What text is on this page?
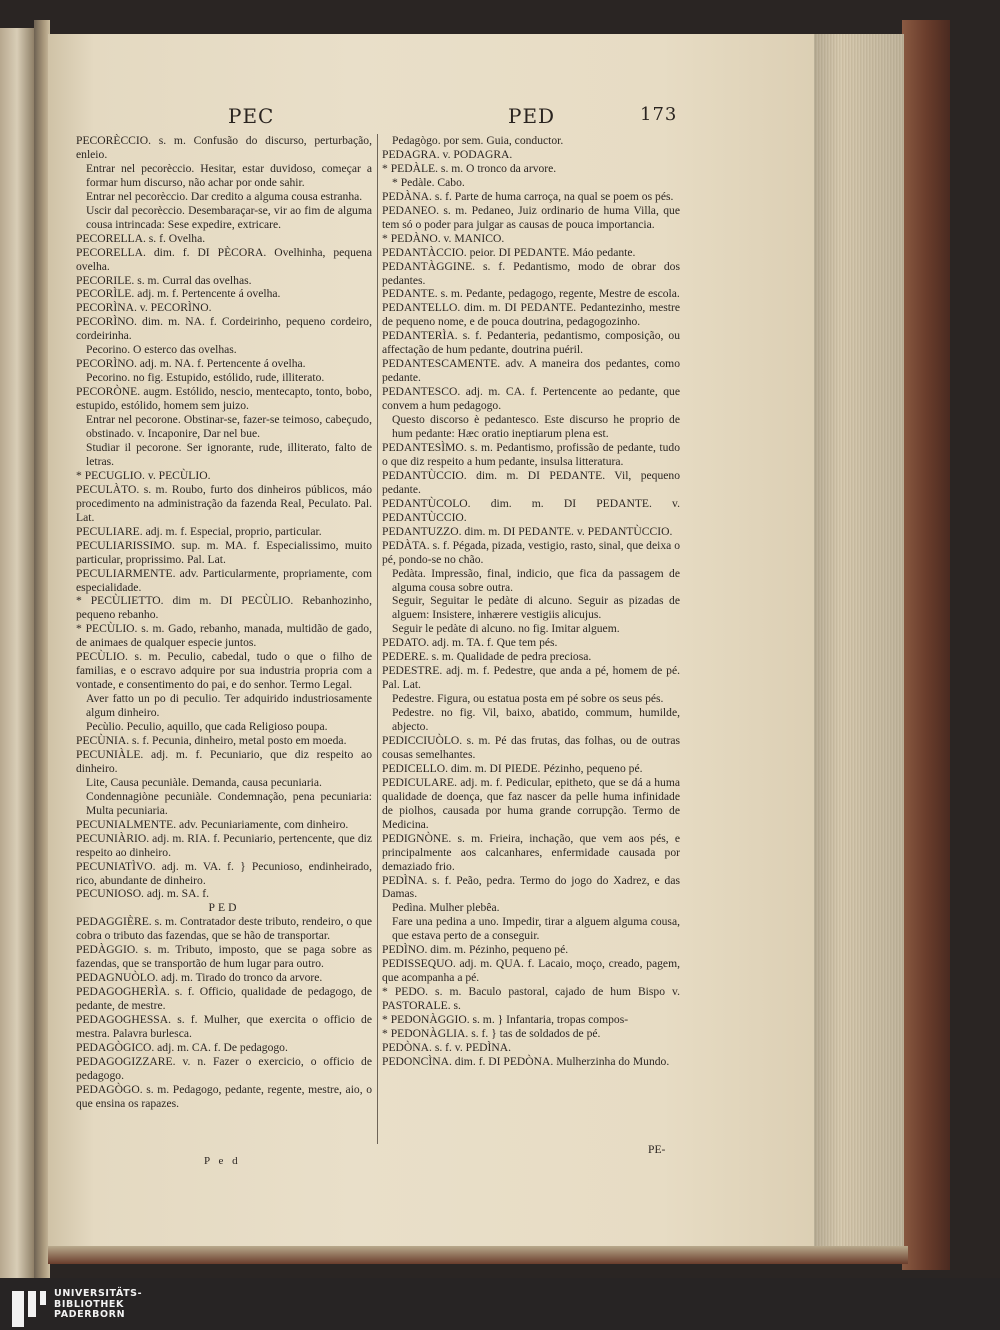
PEC	PED	173

PECORÈCCIO. s. m. Confusão do discurso, perturbação, enleio.

Entrar nel pecorèccio. Hesitar, estar duvidoso, começar a formar hum discurso, não achar por onde sahir.

Entrar nel pecorèccio. Dar credito a alguma cousa estranha.

Uscir dal pecorèccio. Desembaraçar-se, vir ao fim de alguma cousa intrincada: Sese expedire, extricare.

PECORELLA. s. f. Ovelha.

PECORELLA. dim. f. DI PÈCORA. Ovelhinha, pequena ovelha.

PECORILE. s. m. Curral das ovelhas.

PECORÌLE. adj. m. f. Pertencente á ovelha.

PECORÌNA. v. PECORÌNO.

PECORÌNO. dim. m. NA. f. Cordeirinho, pequeno cordeiro, cordeirinha.

Pecorino. O esterco das ovelhas.

PECORÌNO. adj. m. NA. f. Pertencente á ovelha.

Pecorino. no fig. Estupido, estólido, rude, illiterato.

PECORÒNE. augm. Estólido, nescio, mentecapto, tonto, bobo, estupido, estólido, homem sem juizo.

Entrar nel pecorone. Obstinar-se, fazer-se teimoso, cabeçudo, obstinado. v. Incaponire, Dar nel bue.

Studiar il pecorone. Ser ignorante, rude, illiterato, falto de letras.

* PECUGLIO. v. PECÙLIO.

PECULÀTO. s. m. Roubo, furto dos dinheiros públicos, máo procedimento na administração da fazenda Real, Peculato. Pal. Lat.

PECULIARE. adj. m. f. Especial, proprio, particular.

PECULIARISSIMO. sup. m. MA. f. Especialissimo, muito particular, proprissimo. Pal. Lat.

PECULIARMENTE. adv. Particularmente, propriamente, com especialidade.

* PECÙLIETTO. dim m. DI PECÙLIO. Rebanhozinho, pequeno rebanho.

* PECÙLIO. s. m. Gado, rebanho, manada, multidão de gado, de animaes de qualquer especie juntos.

PECÙLIO. s. m. Peculio, cabedal, tudo o que o filho de familias, e o escravo adquire por sua industria propria com a vontade, e consentimento do pai, e do senhor. Termo Legal.

Aver fatto un po di peculio. Ter adquirido industriosamente algum dinheiro.

Pecùlio. Peculio, aquillo, que cada Religioso poupa.

PECÙNIA. s. f. Pecunia, dinheiro, metal posto em moeda.

PECUNIÀLE. adj. m. f. Pecuniario, que diz respeito ao dinheiro.

Lite, Causa pecuniàle. Demanda, causa pecuniaria.

Condennagiòne pecuniàle. Condemnação, pena pecuniaria: Multa pecuniaria.

PECUNIALMENTE. adv. Pecuniariamente, com dinheiro.

PECUNIÀRIO. adj. m. RIA. f. Pecuniario, pertencente, que diz respeito ao dinheiro.

PECUNIATÌVO. adj. m. VA. f. } Pecunioso, endinheirado, rico, abundante de dinheiro.

PECUNIOSO. adj. m. SA. f.

PED

PEDAGGIÈRE. s. m. Contratador deste tributo, rendeiro, o que cobra o tributo das fazendas, que se hão de transportar.

PEDÀGGIO. s. m. Tributo, imposto, que se paga sobre as fazendas, que se transportão de hum lugar para outro.

PEDAGNUÒLO. adj. m. Tirado do tronco da arvore.

PEDAGOGHERÌA. s. f. Officio, qualidade de pedagogo, de pedante, de mestre.

PEDAGOGHESSA. s. f. Mulher, que exercita o officio de mestra. Palavra burlesca.

PEDAGÒGICO. adj. m. CA. f. De pedagogo.

PEDAGOGIZZARE. v. n. Fazer o exercicio, o officio de pedagogo.

PEDAGÒGO. s. m. Pedagogo, pedante, regente, mestre, aio, o que ensina os rapazes.

Pedagògo. por sem. Guia, conductor.

PEDAGRA. v. PODAGRA.

* PEDÀLE. s. m. O tronco da arvore.

* Pedàle. Cabo.

PEDÀNA. s. f. Parte de huma carroça, na qual se poem os pés.

PEDANEO. s. m. Pedaneo, Juiz ordinario de huma Villa, que tem só o poder para julgar as causas de pouca importancia.

* PEDÀNO. v. MANICO.

PEDANTÀCCIO. peior. DI PEDANTE. Máo pedante.

PEDANTÀGGINE. s. f. Pedantismo, modo de obrar dos pedantes.

PEDANTE. s. m. Pedante, pedagogo, regente, Mestre de escola.

PEDANTELLO. dim. m. DI PEDANTE. Pedantezinho, mestre de pequeno nome, e de pouca doutrina, pedagogozinho.

PEDANTERÌA. s. f. Pedanteria, pedantismo, composição, ou affectação de hum pedante, doutrina puéril.

PEDANTESCAMENTE. adv. A maneira dos pedantes, como pedante.

PEDANTESCO. adj. m. CA. f. Pertencente ao pedante, que convem a hum pedagogo.

Questo discorso è pedantesco. Este discurso he proprio de hum pedante: Hæc oratio ineptiarum plena est.

PEDANTESÌMO. s. m. Pedantismo, profissão de pedante, tudo o que diz respeito a hum pedante, insulsa litteratura.

PEDANTÙCCIO. dim. m. DI PEDANTE. Vil, pequeno pedante.

PEDANTÙCOLO. dim. m. DI PEDANTE. v. PEDANTÙCCIO.

PEDANTUZZO. dim. m. DI PEDANTE. v. PEDANTÙCCIO.

PEDÀTA. s. f. Pégada, pizada, vestigio, rasto, sinal, que deixa o pé, pondo-se no chão.

Pedàta. Impressão, final, indicio, que fica da passagem de alguma cousa sobre outra.

Seguir, Seguitar le pedàte di alcuno. Seguir as pizadas de alguem: Insistere, inhærere vestigiis alicujus.

Seguir le pedàte di alcuno. no fig. Imitar alguem.

PEDATO. adj. m. TA. f. Que tem pés.

PEDERE. s. m. Qualidade de pedra preciosa.

PEDESTRE. adj. m. f. Pedestre, que anda a pé, homem de pé. Pal. Lat.

Pedestre. Figura, ou estatua posta em pé sobre os seus pés.

Pedestre. no fig. Vil, baixo, abatido, commum, humilde, abjecto.

PEDICCIUÒLO. s. m. Pé das frutas, das folhas, ou de outras cousas semelhantes.

PEDICELLO. dim. m. DI PIEDE. Pézinho, pequeno pé.

PEDICULARE. adj. m. f. Pedicular, epitheto, que se dá a huma qualidade de doença, que faz nascer da pelle huma infinidade de piolhos, causada por huma grande corrupção. Termo de Medicina.

PEDIGNÒNE. s. m. Frieira, inchação, que vem aos pés, e principalmente aos calcanhares, enfermidade causada por demaziado frio.

PEDÌNA. s. f. Peão, pedra. Termo do jogo do Xadrez, e das Damas.

Pedìna. Mulher plebêa.

Fare una pedina a uno. Impedir, tirar a alguem alguma cousa, que estava perto de a conseguir.

PEDÌNO. dim. m. Pézinho, pequeno pé.

PEDISSEQUO. adj. m. QUA. f. Lacaio, moço, creado, pagem, que acompanha a pé.

* PEDO. s. m. Baculo pastoral, cajado de hum Bispo v. PASTORALE. s.

* PEDONÀGGIO. s. m. } Infantaria, tropas compos-

* PEDONÀGLIA. s. f. } tas de soldados de pé.

PEDÒNA. s. f. v. PEDÌNA.

PEDONCÌNA. dim. f. DI PEDÒNA. Mulherzinha do Mundo.

P e d
PE-
UNIVERSITÄTS-
BIBLIOTHEK
PADERBORN
